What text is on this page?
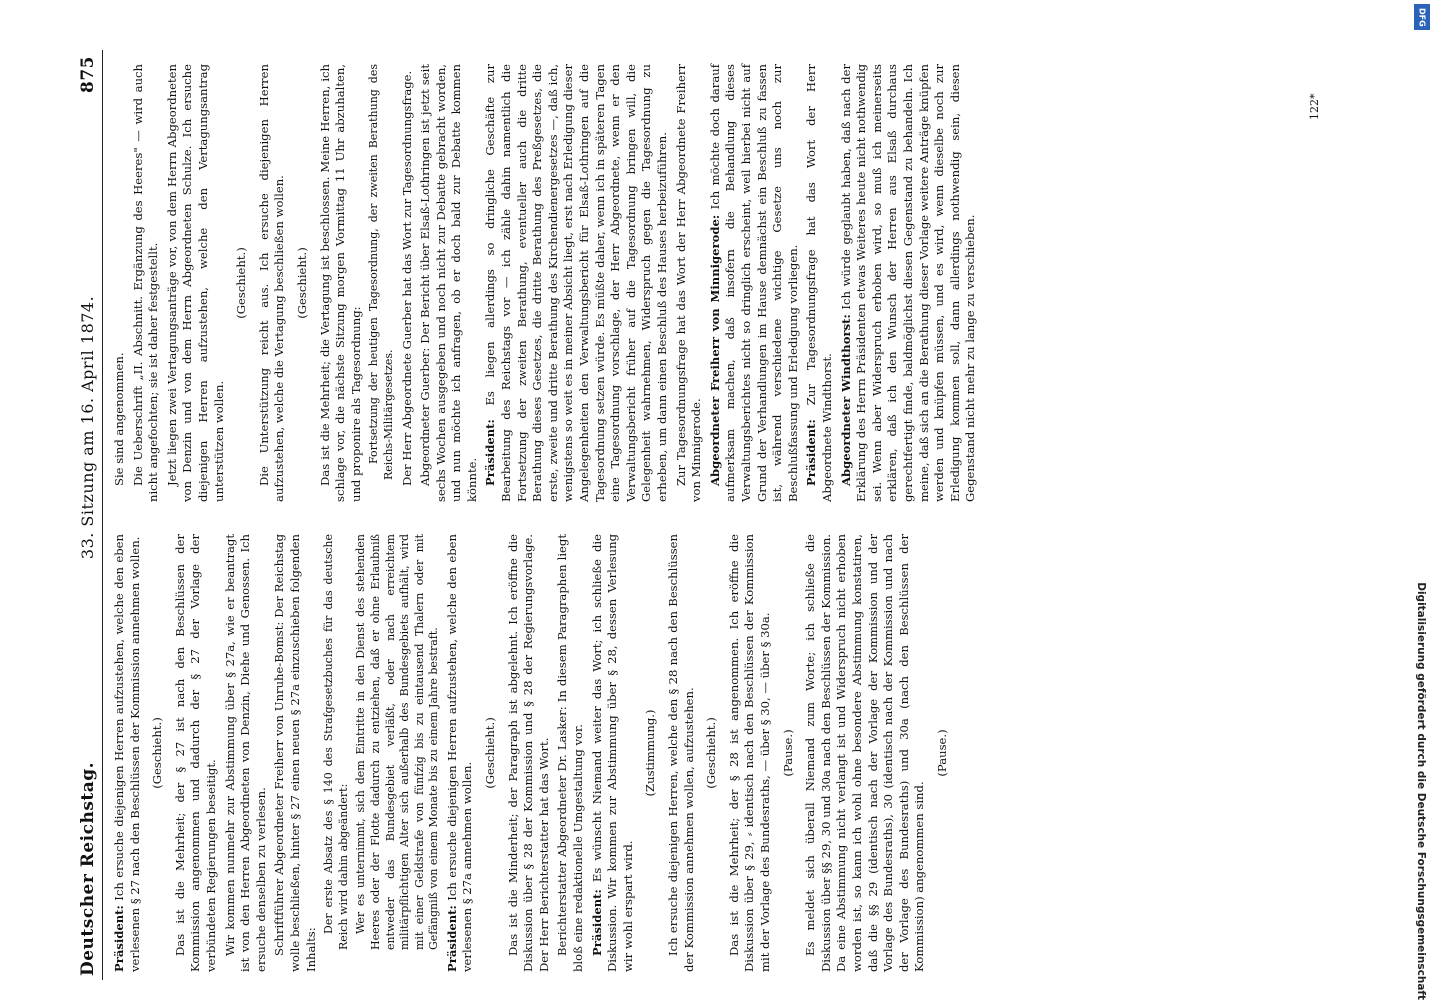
Deutscher Reichstag.
33. Sitzung am 16. April 1874.
875

Präsident: Ich ersuche diejenigen Herren aufzustehen, welche den eben verlesenen § 27 nach den Beschlüssen der Kommission annehmen wollen. (Geschieht.) Das ist die Mehrheit; der § 27 ist nach den Beschlüssen der Kommission angenommen und dadurch der § 27 der Vorlage der verbündeten Regierungen beseitigt. Wir kommen nunmehr zur Abstimmung über § 27a, wie er beantragt ist von den Herren Abgeordneten von Denzin, Diehe und Genossen. Ich ersuche denselben zu verlesen. Schriftführer Abgeordneter Freiherr von Unruhe-Bomst: Der Reichstag wolle beschließen, hinter § 27 einen neuen § 27a einzuschieben folgenden Inhalts:

Der erste Absatz des § 140 des Strafgesetzbuches für das deutsche Reich wird dahin abgeändert: Wer es unternimmt, sich dem Eintritte in den Dienst des stehenden Heeres oder der Flotte dadurch zu entziehen, daß er ohne Erlaubniß entweder das Bundesgebiet verläßt, oder nach erreichtem militärpflichtigen Alter sich außerhalb des Bundesgebiets aufhält, wird mit einer Geldstrafe von fünfzig bis zu eintausend Thalern oder mit Gefängniß von einem Monate bis zu einem Jahre bestraft. Präsident: Ich ersuche diejenigen Herren aufzustehen, welche den eben verlesenen § 27a annehmen wollen.

(Geschieht.) Das ist die Minderheit; der Paragraph ist abgelehnt. Ich eröffne die Diskussion über § 28 der Kommission und § 28 der Regierungsvorlage. Der Herr Berichterstatter hat das Wort. Berichterstatter Abgeordneter Dr. Lasker: In diesem Paragraphen liegt bloß eine redaktionelle Umgestaltung vor. Präsident: Es wünscht Niemand weiter das Wort; ich schließe die Diskussion. Wir kommen zur Abstimmung über § 28, dessen Verlesung wir wohl erspart wird.

(Zustimmung.) Ich ersuche diejenigen Herren, welche den § 28 nach den Beschlüssen der Kommission annehmen wollen, aufzustehen. (Geschieht.) Das ist die Mehrheit; der § 28 ist angenommen. Ich eröffne die Diskussion über § 29, ⸗ identisch nach den Beschlüssen der Kommission mit der Vorlage des Bundesraths, — über § 30, — über § 30a. (Pause.) Es meldet sich überall Niemand zum Worte; ich schließe die Diskussion über §§ 29, 30 und 30a nach den Beschlüssen der Kommission. Da eine Abstimmung nicht verlangt ist und Widerspruch nicht erhoben worden ist, so kann ich wohl ohne besondere Abstimmung konstatiren, daß die §§ 29 (identisch nach der Vorlage der Kommission und der Vorlage des Bundesraths), 30 (identisch nach der Kommission und nach der Vorlage des Bundesraths) und 30a (nach den Beschlüssen der Kommission) angenommen sind.

(Pause.)

Sie sind angenommen. Die Ueberschrift „II. Abschnitt. Ergänzung des Heeres" — wird auch nicht angefochten; sie ist daher festgestellt. Jetzt liegen zwei Vertagungsanträge vor, von dem Herrn Abgeordneten von Denzin und von dem Herrn Abgeordneten Schulze. Ich ersuche diejenigen Herren aufzustehen, welche den Vertagungsantrag unterstützen wollen.

(Geschieht.) Die Unterstützung reicht aus. Ich ersuche diejenigen Herren aufzustehen, welche die Vertagung beschließen wollen. (Geschieht.) Das ist die Mehrheit; die Vertagung ist beschlossen. Meine Herren, ich schlage vor, die nächste Sitzung morgen Vormittag 11 Uhr abzuhalten, und proponire als Tagesordnung: Fortsetzung der heutigen Tagesordnung, der zweiten Berathung des Reichs-Militärgesetzes. Der Herr Abgeordnete Guerber hat das Wort zur Tagesordnungsfrage. Abgeordneter Guerber: Der Bericht über Elsaß-Lothringen ist jetzt seit sechs Wochen ausgegeben und noch nicht zur Debatte gebracht worden, und nun möchte ich anfragen, ob er doch bald zur Debatte kommen könnte. Präsident: Es liegen allerdings so dringliche Geschäfte zur Bearbeitung des Reichstags vor — ich zähle dahin namentlich die Fortsetzung der zweiten Berathung, eventueller auch die dritte Berathung dieses Gesetzes, die dritte Berathung des Preßgesetzes, die erste, zweite und dritte Berathung des Kirchendienergesetzes —, daß ich, wenigstens so weit es in meiner Absicht liegt, erst nach Erledigung dieser Angelegenheiten den Verwaltungsbericht für Elsaß-Lothringen auf die Tagesordnung setzen würde. Es müßte daher, wenn ich in späteren Tagen eine Tagesordnung vorschlage, der Herr Abgeordnete, wenn er den Verwaltungsbericht früher auf die Tagesordnung bringen will, die Gelegenheit wahrnehmen, Widerspruch gegen die Tagesordnung zu erheben, um dann einen Beschluß des Hauses herbeizuführen. Zur Tagesordnungsfrage hat das Wort der Herr Abgeordnete Freiherr von Minnigerode. Abgeordneter Freiherr von Minnigerode: Ich möchte doch darauf aufmerksam machen, daß insofern die Behandlung dieses Verwaltungsberichtes nicht so dringlich erscheint, weil hierbei nicht auf Grund der Verhandlungen im Hause demnächst ein Beschluß zu fassen ist, während verschiedene wichtige Gesetze uns noch zur Beschlußfassung und Erledigung vorliegen. Präsident: Zur Tagesordnungsfrage hat das Wort der Herr Abgeordnete Windthorst. Abgeordneter Windthorst: Ich würde geglaubt haben, daß nach der Erklärung des Herrn Präsidenten etwas Weiteres heute nicht nothwendig sei. Wenn aber Widerspruch erhoben wird, so muß ich meinerseits erklären, daß ich den Wunsch der Herren aus Elsaß durchaus gerechtfertigt finde, baldmöglichst diesen Gegenstand zu behandeln. Ich meine, daß sich an die Berathung dieser Vorlage weitere Anträge knüpfen werden und knüpfen müssen, und es wird, wenn dieselbe noch zur Erledigung kommen soll, dann allerdings nothwendig sein, diesen Gegenstand nicht mehr zu lange zu verschieben.

122*
Digitalisierung gefördert durch die Deutsche Forschungsgemeinschaft
DFG
